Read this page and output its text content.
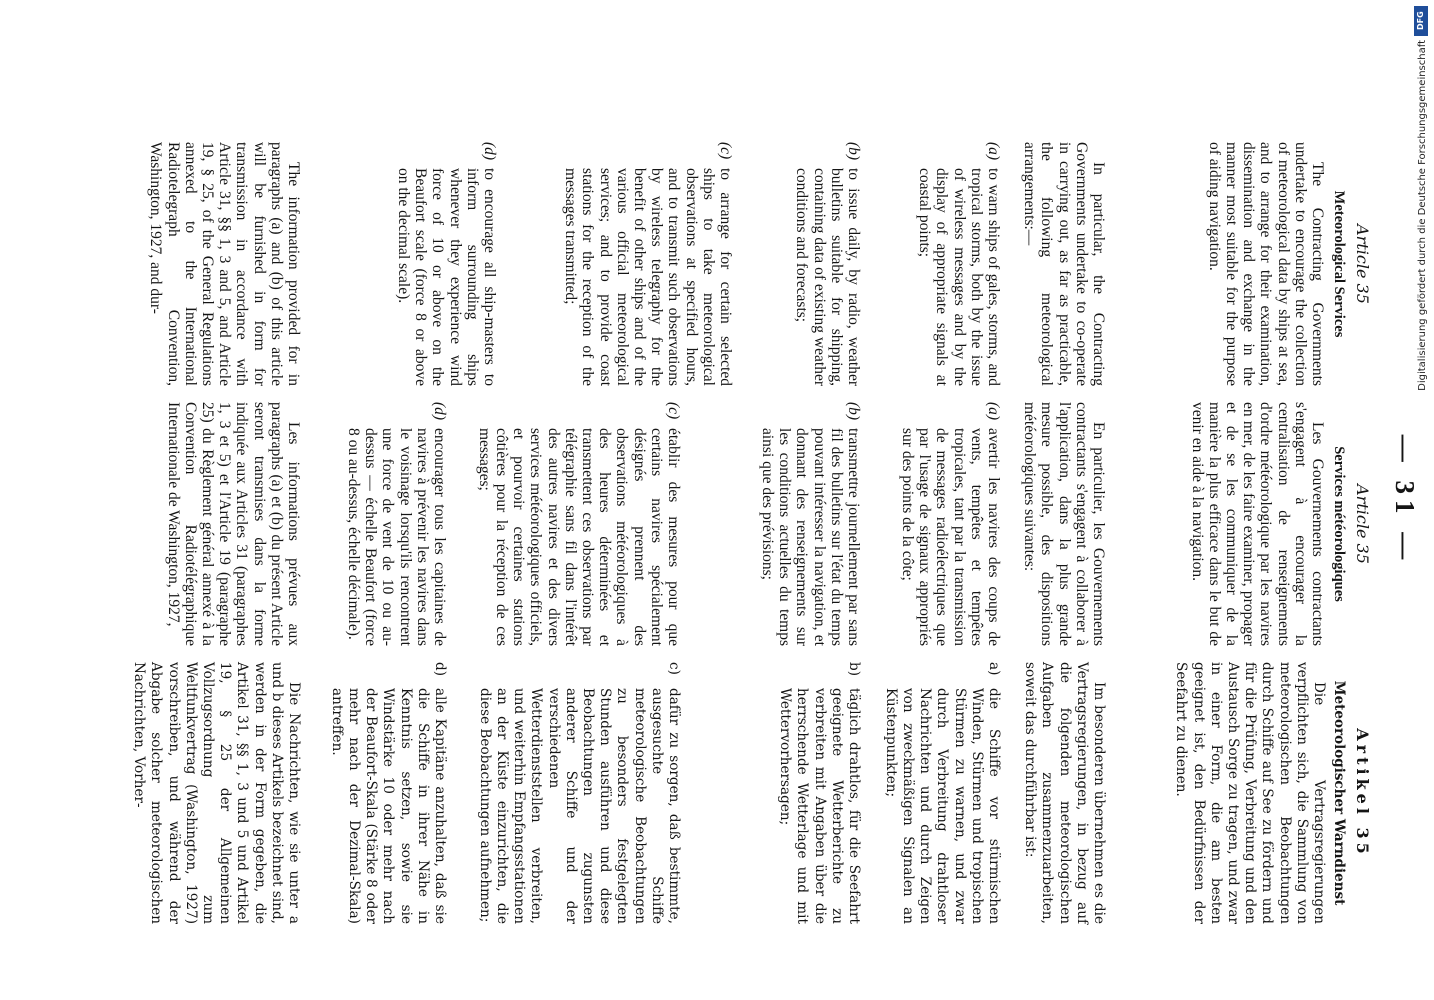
— 31 —
Article 35
Meteorological Services

The Contracting Governments undertake to encourage the collection of meteorological data by ships at sea, and to arrange for their examination, dissemination and exchange in the manner most suitable for the purpose of aiding navigation.

In particular, the Contracting Governments undertake to co-operate in carrying out, as far as practicable, the following meteorological arrangements:—

(a)
to warn ships of gales, storms, and tropical storms, both by the issue of wireless messages and by the display of appropriate signals at coastal points;
(b)
to issue daily, by radio, weather bulletins suitable for shipping, containing data of existing weather conditions and forecasts;
(c)
to arrange for certain selected ships to take meteorological observations at specified hours, and to transmit such observations by wireless telegraphy for the benefit of other ships and of the various official meteorological services; and to provide coast stations for the reception of the messages transmitted;
(d)
to encourage all ship-masters to inform surrounding ships whenever they experience wind force of 10 or above on the Beaufort scale (force 8 or above on the decimal scale).

The information provided for in paragraphs (a) and (b) of this article will be furnished in form for transmission in accordance with Article 31, §§ 1, 3 and 5, and Article 19, § 25, of the General Regulations annexed to the International Radiotelegraph Convention, Washington, 1927, and dur-

Article 35
Services météorologiques

Les Gouvernements contractants s'engagent à encourager la centralisation de renseignements d'ordre météorologique par les navires en mer, de les faire examiner, propager et de se les communiquer de la manière la plus efficace dans le but de venir en aide à la navigation.

En particulier, les Gouvernements contractants s'engagent à collaborer à l'application, dans la plus grande mesure possible, des dispositions météorologiques suivantes:

(a)
avertir les navires des coups de vents, tempêtes et tempêtes tropicales, tant par la transmission de messages radioélectriques que par l'usage de signaux appropriés sur des points de la côte;
(b)
transmettre journellement par sans fil des bulletins sur l'état du temps pouvant intéresser la navigation, et donnant des renseignements sur les conditions actuelles du temps ainsi que des prévisions;
(c)
établir des mesures pour que certains navires spécialement désignés prennent des observations météorologiques à des heures déterminées et transmettent ces observations par télégraphie sans fil dans l'intérêt des autres navires et des divers services météorologiques officiels, et pourvoir certaines stations côtières pour la réception de ces messages;
(d)
encourager tous les capitaines de navires à prévenir les navires dans le voisinage lorsqu'ils rencontrent une force de vent de 10 ou au-dessus — échelle Beaufort (force 8 ou au-dessus, échelle décimale).

Les informations prévues aux paragraphs (a) et (b) du présent Article seront transmises dans la forme indiquée aux Articles 31 (paragraphes 1, 3 et 5) et l'Article 19 (paragraphe 25) du Règlement général annexé à la Convention Radiotélégraphique Internationale de Washington, 1927,

Artikel 35
Meteorologischer Warndienst

Die Vertragsregierungen verpflichten sich, die Sammlung von meteorologischen Beobachtungen durch Schiffe auf See zu fördern und für die Prüfung, Verbreitung und den Austausch Sorge zu tragen, und zwar in einer Form, die am besten geeignet ist, den Bedürfnissen der Seefahrt zu dienen.

Im besonderen übernehmen es die Vertragsregierungen, in bezug auf die folgenden meteorologischen Aufgaben zusammenzuarbeiten, soweit das durchführbar ist:

a)
die Schiffe vor stürmischen Winden, Stürmen und tropischen Stürmen zu warnen, und zwar durch Verbreitung drahtloser Nachrichten und durch Zeigen von zweckmäßigen Signalen an Küstenpunkten;
b)
täglich drahtlos, für die Seefahrt geeignete Wetterberichte zu verbreiten mit Angaben über die herrschende Wetterlage und mit Wettervorhersagen;
c)
dafür zu sorgen, daß bestimmte, ausgesuchte Schiffe meteorologische Beobachtungen zu besonders festgelegten Stunden ausführen und diese Beobachtungen zugunsten anderer Schiffe und der verschiedenen Wetterdienststellen verbreiten, und weiterhin Empfangsstationen an der Küste einzurichten, die diese Beobachtungen aufnehmen;
d)
alle Kapitäne anzuhalten, daß sie die Schiffe in ihrer Nähe in Kenntnis setzen, sowie sie Windstärke 10 oder mehr nach der Beaufort-Skala (Stärke 8 oder mehr nach der Dezimal-Skala) antreffen.

Die Nachrichten, wie sie unter a und b dieses Artikels bezeichnet sind, werden in der Form gegeben, die Artikel 31, §§ 1, 3 und 5 und Artikel 19, § 25 der Allgemeinen Vollzugsordnung zum Weltfunkvertrag (Washington, 1927) vorschreiben, und während der Abgabe solcher meteorologischen Nachrichten, Vorher-

DFG
Digitalisierung gefördert durch die Deutsche Forschungsgemeinschaft
